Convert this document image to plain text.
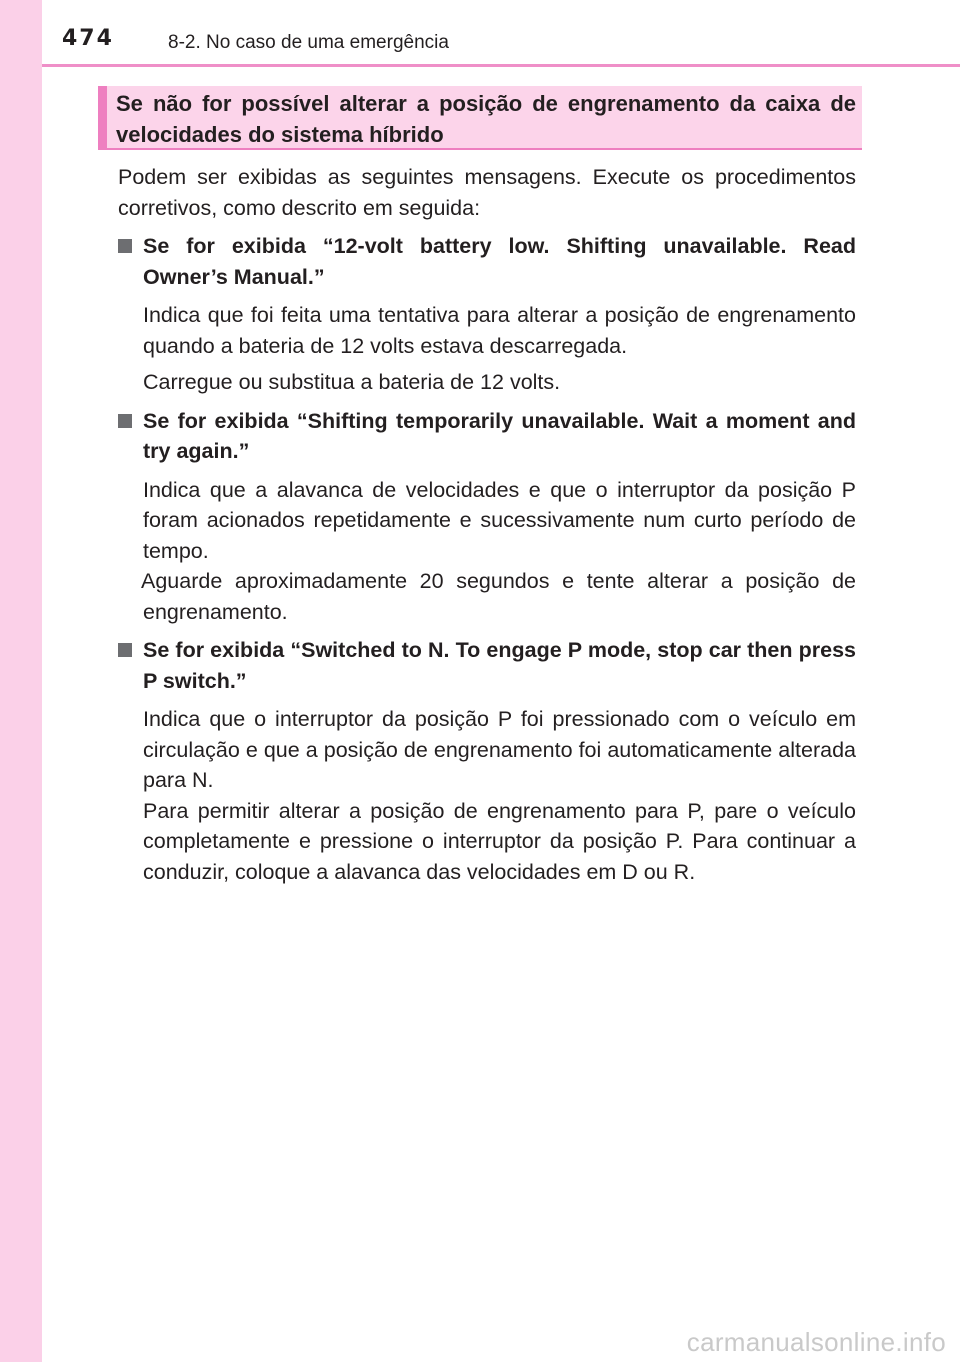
474	8-2. No caso de uma emergência
Se não for possível alterar a posição de engrenamento da caixa de velocidades do sistema híbrido

Podem ser exibidas as seguintes mensagens. Execute os procedimentos corretivos, como descrito em seguida:

Se for exibida “12-volt battery low. Shifting unavailable. Read Owner’s Manual.”

Indica que foi feita uma tentativa para alterar a posição de engrenamento quando a bateria de 12 volts estava descarregada.

Carregue ou substitua a bateria de 12 volts.

Se for exibida “Shifting temporarily unavailable. Wait a moment and try again.”

Indica que a alavanca de velocidades e que o interruptor da posição P foram acionados repetidamente e sucessivamente num curto período de tempo.

Aguarde aproximadamente 20 segundos e tente alterar a posição de engrenamento.

Se for exibida “Switched to N. To engage P mode, stop car then press P switch.”

Indica que o interruptor da posição P foi pressionado com o veículo em circulação e que a posição de engrenamento foi automaticamente alterada para N.

Para permitir alterar a posição de engrenamento para P, pare o veículo completamente e pressione o interruptor da posição P. Para continuar a conduzir, coloque a alavanca das velocidades em D ou R.

carmanualsonline.info
